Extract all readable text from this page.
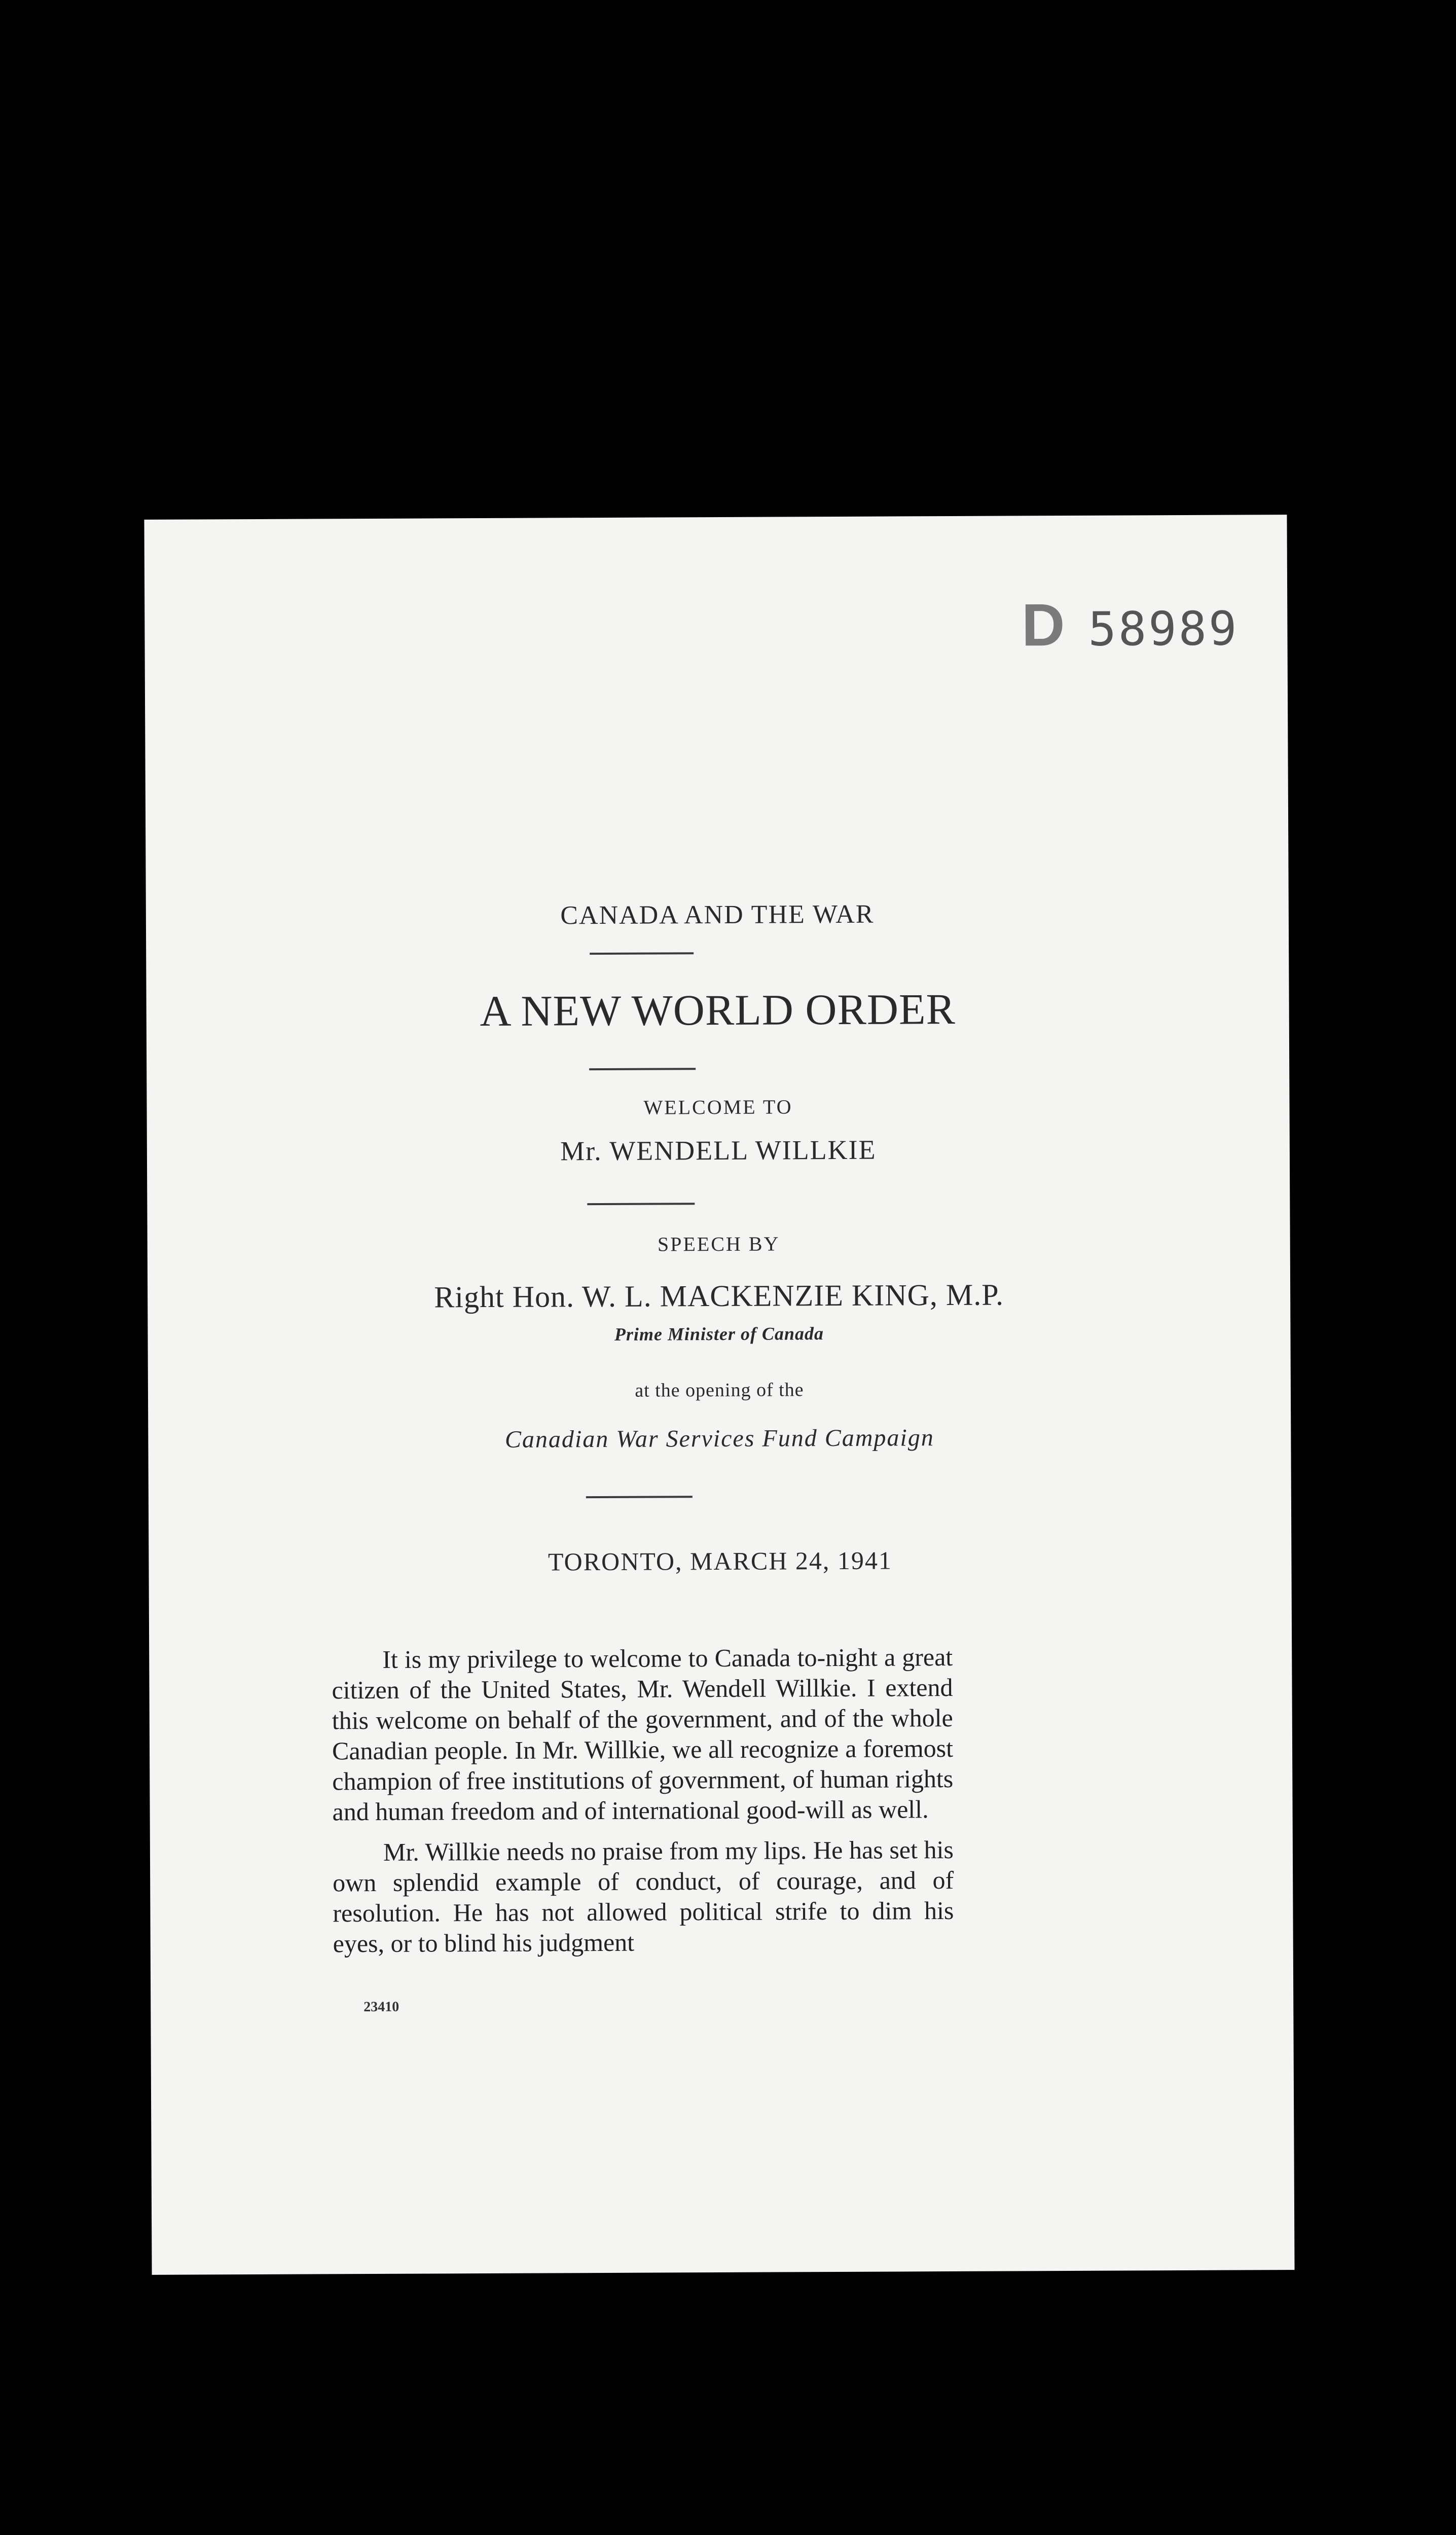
D 58989
CANADA AND THE WAR
A NEW WORLD ORDER
WELCOME TO
Mr. WENDELL WILLKIE
SPEECH BY
Right Hon. W. L. MACKENZIE KING, M.P.
Prime Minister of Canada
at the opening of the
Canadian War Services Fund Campaign
TORONTO, MARCH 24, 1941

It is my privilege to welcome to Canada to-night a great citizen of the United States, Mr. Wendell Willkie. I extend this welcome on behalf of the government, and of the whole Canadian people. In Mr. Willkie, we all recognize a foremost champion of free institutions of government, of human rights and human freedom and of international good-will as well.

Mr. Willkie needs no praise from my lips. He has set his own splendid example of conduct, of courage, and of resolution. He has not allowed political strife to dim his eyes, or to blind his judgment

23410
